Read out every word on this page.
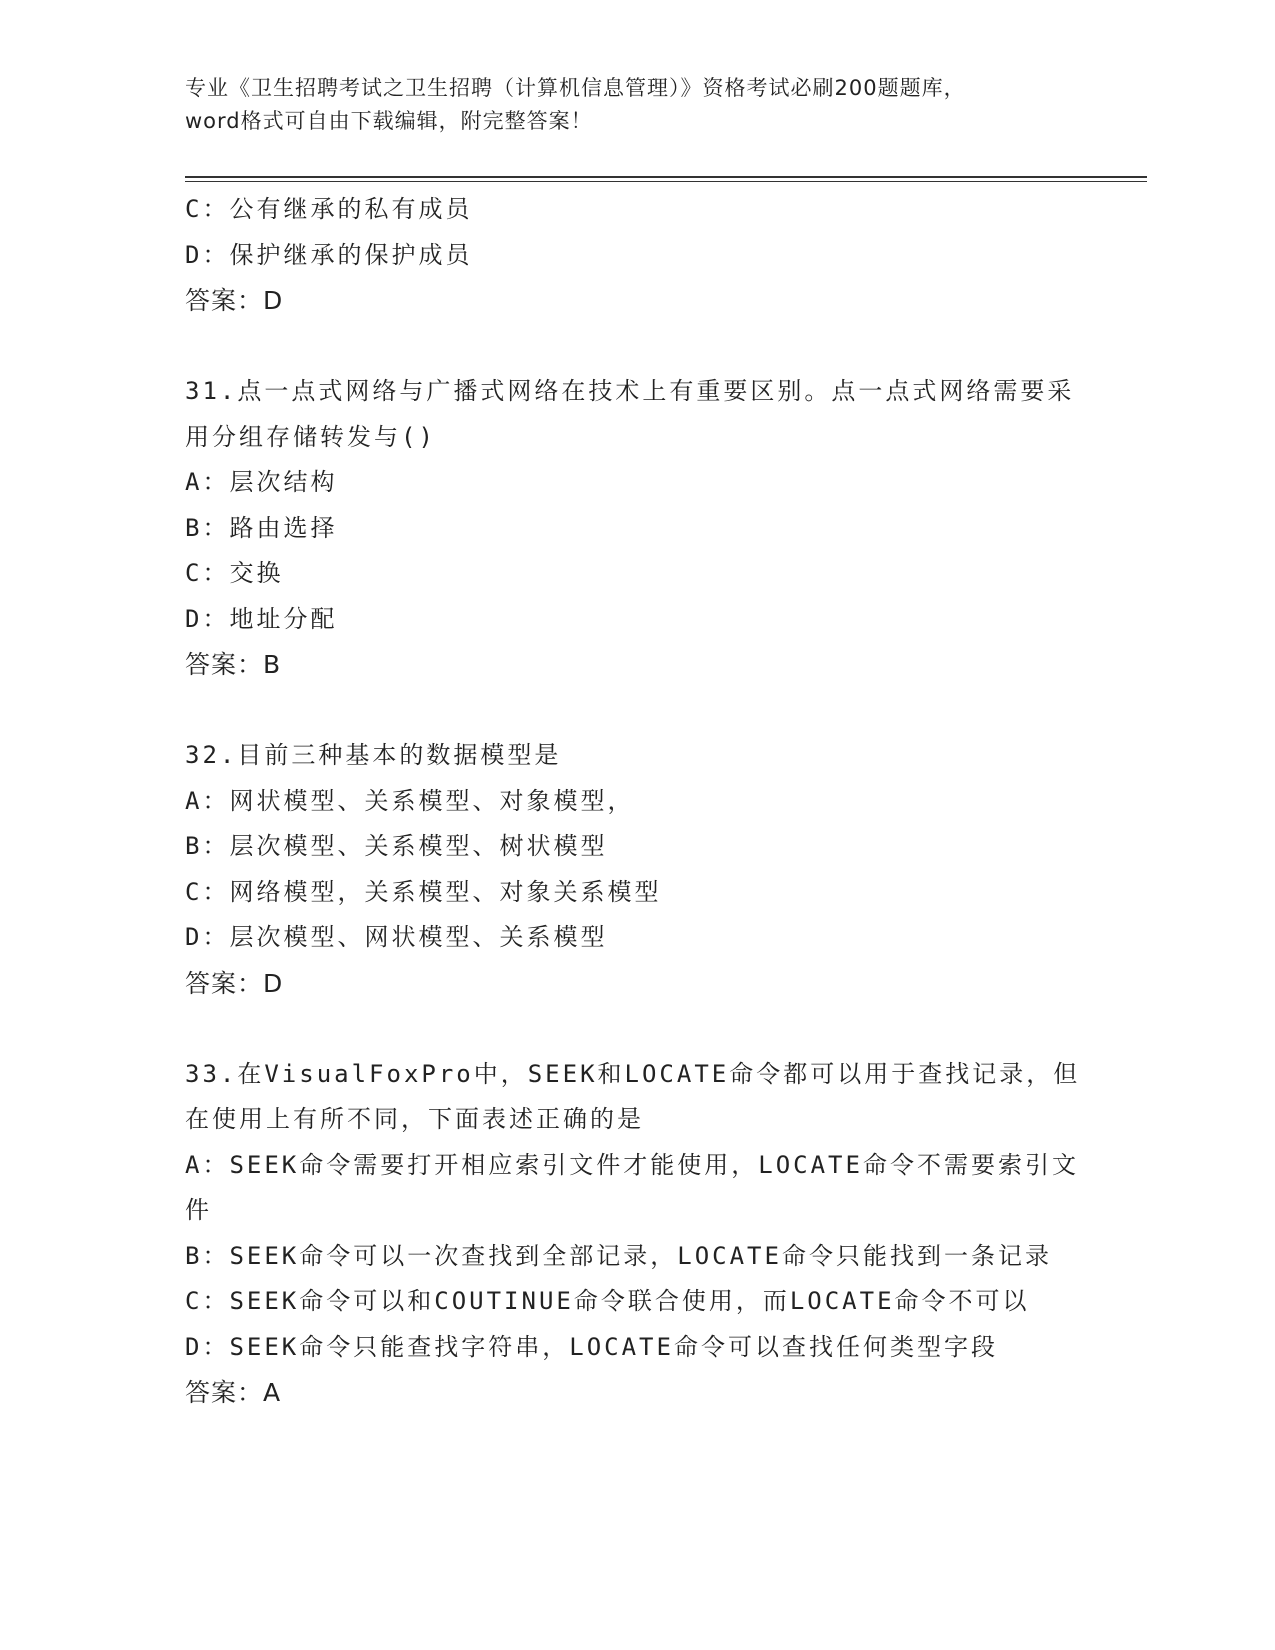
专业《卫生招聘考试之卫生招聘（计算机信息管理）》资格考试必刷200题题库，
word格式可自由下载编辑，附完整答案！
C：公有继承的私有成员
D：保护继承的保护成员
答案：D
31.点一点式网络与广播式网络在技术上有重要区别。点一点式网络需要采用分组存储转发与()
A：层次结构
B：路由选择
C：交换
D：地址分配
答案：B
32.目前三种基本的数据模型是
A：网状模型、关系模型、对象模型，
B：层次模型、关系模型、树状模型
C：网络模型，关系模型、对象关系模型
D：层次模型、网状模型、关系模型
答案：D
33.在VisualFoxPro中，SEEK和LOCATE命令都可以用于查找记录，但在使用上有所不同，下面表述正确的是
A：SEEK命令需要打开相应索引文件才能使用，LOCATE命令不需要索引文件
B：SEEK命令可以一次查找到全部记录，LOCATE命令只能找到一条记录
C：SEEK命令可以和COUTINUE命令联合使用，而LOCATE命令不可以
D：SEEK命令只能查找字符串，LOCATE命令可以查找任何类型字段
答案：A
